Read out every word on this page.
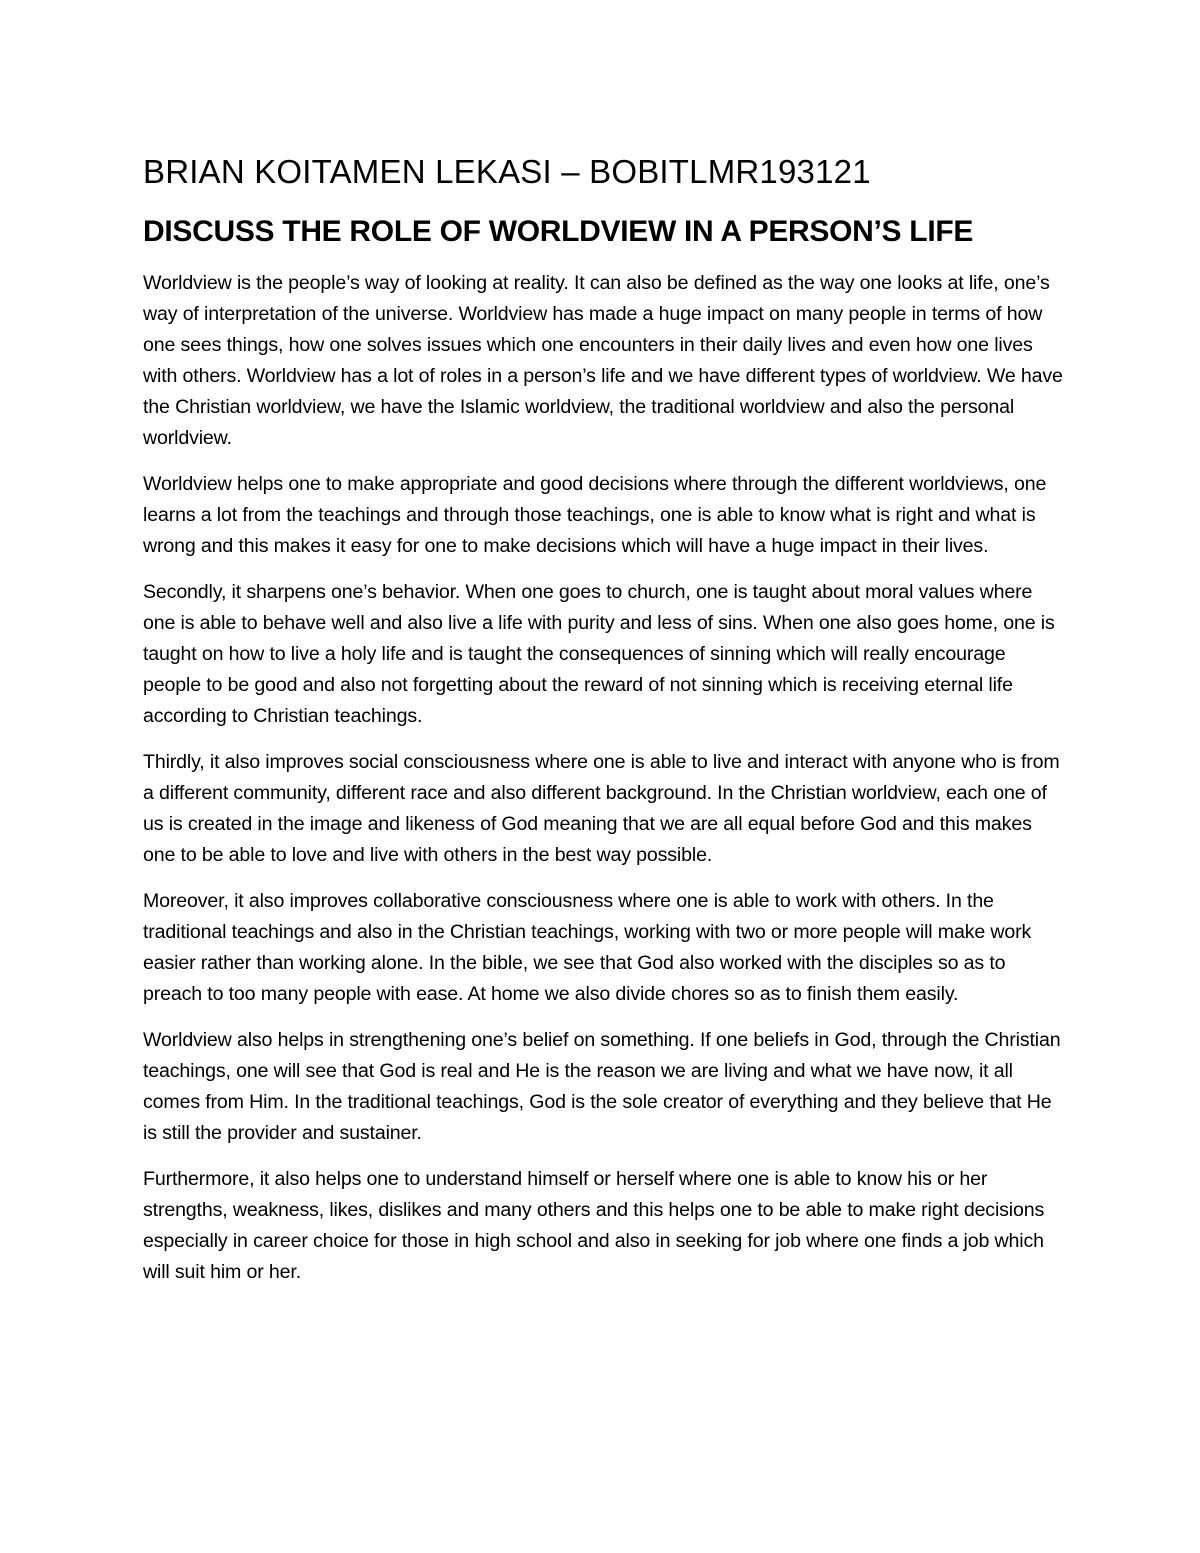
BRIAN KOITAMEN LEKASI – BOBITLMR193121
DISCUSS THE ROLE OF WORLDVIEW IN A PERSON’S LIFE

Worldview is the people’s way of looking at reality. It can also be defined as the way one looks at life, one’s way of interpretation of the universe. Worldview has made a huge impact on many people in terms of how one sees things, how one solves issues which one encounters in their daily lives and even how one lives with others. Worldview has a lot of roles in a person’s life and we have different types of worldview. We have the Christian worldview, we have the Islamic worldview, the traditional worldview and also the personal worldview.

Worldview helps one to make appropriate and good decisions where through the different worldviews, one learns a lot from the teachings and through those teachings, one is able to know what is right and what is wrong and this makes it easy for one to make decisions which will have a huge impact in their lives.

Secondly, it sharpens one’s behavior. When one goes to church, one is taught about moral values where one is able to behave well and also live a life with purity and less of sins. When one also goes home, one is taught on how to live a holy life and is taught the consequences of sinning which will really encourage people to be good and also not forgetting about the reward of not sinning which is receiving eternal life according to Christian teachings.

Thirdly, it also improves social consciousness where one is able to live and interact with anyone who is from a different community, different race and also different background. In the Christian worldview, each one of us is created in the image and likeness of God meaning that we are all equal before God and this makes one to be able to love and live with others in the best way possible.

Moreover, it also improves collaborative consciousness where one is able to work with others. In the traditional teachings and also in the Christian teachings, working with two or more people will make work easier rather than working alone. In the bible, we see that God also worked with the disciples so as to preach to too many people with ease. At home we also divide chores so as to finish them easily.

Worldview also helps in strengthening one’s belief on something. If one beliefs in God, through the Christian teachings, one will see that God is real and He is the reason we are living and what we have now, it all comes from Him. In the traditional teachings, God is the sole creator of everything and they believe that He is still the provider and sustainer.

Furthermore, it also helps one to understand himself or herself where one is able to know his or her strengths, weakness, likes, dislikes and many others and this helps one to be able to make right decisions especially in career choice for those in high school and also in seeking for job where one finds a job which will suit him or her.
